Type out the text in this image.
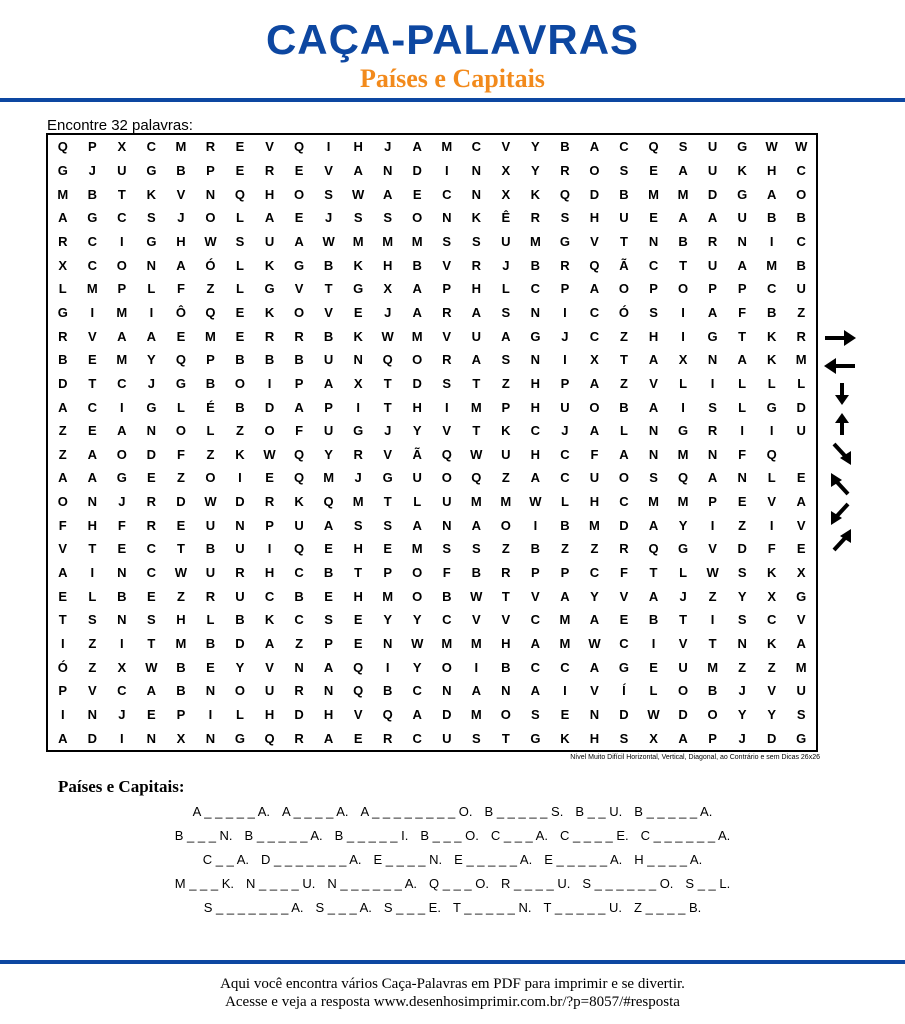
CAÇA-PALAVRAS
Países e Capitais
Encontre 32 palavras:
Q	P	X	C	M	R	E	V	Q	I	H	J	A	M	C	V	Y	B	A	C	Q	S	U	G	W	W
G	J	U	G	B	P	E	R	E	V	A	N	D	I	N	X	Y	R	O	S	E	A	U	K	H	C
M	B	T	K	V	N	Q	H	O	S	W	A	E	C	N	X	K	Q	D	B	M	M	D	G	A	O
A	G	C	S	J	O	L	A	E	J	S	S	O	N	K	Ê	R	S	H	U	E	A	A	U	B	B
R	C	I	G	H	W	S	U	A	W	M	M	M	S	S	U	M	G	V	T	N	B	R	N	I	C
X	C	O	N	A	Ó	L	K	G	B	K	H	B	V	R	J	B	R	Q	Ã	C	T	U	A	M	B
L	M	P	L	F	Z	L	G	V	T	G	X	A	P	H	L	C	P	A	O	P	O	P	P	C	U
G	I	M	I	Ô	Q	E	K	O	V	E	J	A	R	A	S	N	I	C	Ó	S	I	A	F	B	Z
R	V	A	A	E	M	E	R	R	B	K	W	M	V	U	A	G	J	C	Z	H	I	G	T	K	R
B	E	M	Y	Q	P	B	B	B	U	N	Q	O	R	A	S	N	I	X	T	A	X	N	A	K	M
D	T	C	J	G	B	O	I	P	A	X	T	D	S	T	Z	H	P	A	Z	V	L	I	L	L	L
A	C	I	G	L	É	B	D	A	P	I	T	H	I	M	P	H	U	O	B	A	I	S	L	G	D
Z	E	A	N	O	L	Z	O	F	U	G	J	Y	V	T	K	C	J	A	L	N	G	R	I	I	U
Z	A	O	D	F	Z	K	W	Q	Y	R	V	Ã	Q	W	U	H	C	F	A	N	M	N	F	Q
A	A	G	E	Z	O	I	E	Q	M	J	G	U	O	Q	Z	A	C	U	O	S	Q	A	N	L	E
O	N	J	R	D	W	D	R	K	Q	M	T	L	U	M	M	W	L	H	C	M	M	P	E	V	A
F	H	F	R	E	U	N	P	U	A	S	S	A	N	A	O	I	B	M	D	A	Y	I	Z	I	V
V	T	E	C	T	B	U	I	Q	E	H	E	M	S	S	Z	B	Z	Z	R	Q	G	V	D	F	E
A	I	N	C	W	U	R	H	C	B	T	P	O	F	B	R	P	P	C	F	T	L	W	S	K	X
E	L	B	E	Z	R	U	C	B	E	H	M	O	B	W	T	V	A	Y	V	A	J	Z	Y	X	G
T	S	N	S	H	L	B	K	C	S	E	Y	Y	C	V	V	C	M	A	E	B	T	I	S	C	V
I	Z	I	T	M	B	D	A	Z	P	E	N	W	M	M	H	A	M	W	C	I	V	T	N	K	A
Ó	Z	X	W	B	E	Y	V	N	A	Q	I	Y	O	I	B	C	C	A	G	E	U	M	Z	Z	M
P	V	C	A	B	N	O	U	R	N	Q	B	C	N	A	N	A	I	V	Í	L	O	B	J	V	U
I	N	J	E	P	I	L	H	D	H	V	Q	A	D	M	O	S	E	N	D	W	D	O	Y	Y	S
A	D	I	N	X	N	G	Q	R	A	E	R	C	U	S	T	G	K	H	S	X	A	P	J	D	G
Nível Muito Difícil Horizontal, Vertical, Diagonal, ao Contrário e sem Dicas 26x26
Países e Capitais:
A _ _ _ _ _ A. A _ _ _ _ A. A _ _ _ _ _ _ _ _ O. B _ _ _ _ _ S. B _ _ U. B _ _ _ _ _ A.
B _ _ _ N. B _ _ _ _ _ A. B _ _ _ _ _ I. B _ _ _ O. C _ _ _ A. C _ _ _ _ E. C _ _ _ _ _ _ A.
C _ _ A. D _ _ _ _ _ _ _ A. E _ _ _ _ N. E _ _ _ _ _ A. E _ _ _ _ _ A. H _ _ _ _ A.
M _ _ _ K. N _ _ _ _ U. N _ _ _ _ _ _ A. Q _ _ _ O. R _ _ _ _ U. S _ _ _ _ _ _ O. S _ _ L.
S _ _ _ _ _ _ _ A. S _ _ _ A. S _ _ _ E. T _ _ _ _ _ N. T _ _ _ _ _ U. Z _ _ _ _ B.
Aqui você encontra vários Caça-Palavras em PDF para imprimir e se divertir.
Acesse e veja a resposta www.desenhosimprimir.com.br/?p=8057/#resposta
